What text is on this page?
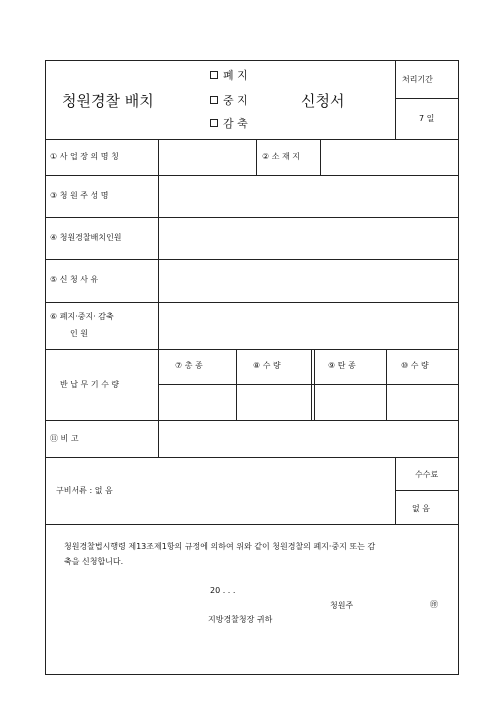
청원경찰 배치
폐 지
중 지
감 축
신청서
처리기간
7 일
① 사 업 장 의 명 칭	② 소 재 지
③ 청 원 주 성 명
④ 청원경찰배치인원
⑤ 신 청 사 유
⑥ 폐지·중지· 감축
인 원
반 납 무 기 수 량
⑦ 총 종	⑧ 수 량	⑨ 탄 종	⑩ 수 량
⑪ 비 고
구비서류 : 없 음
수수료
없 음
청원경찰법시행령 제13조제1항의 규정에 의하여 위와 같이 청원경찰의 폐지·중지 또는 감
축을 신청합니다.
20 . . .
청원주	㊞
지방경찰청장 귀하
